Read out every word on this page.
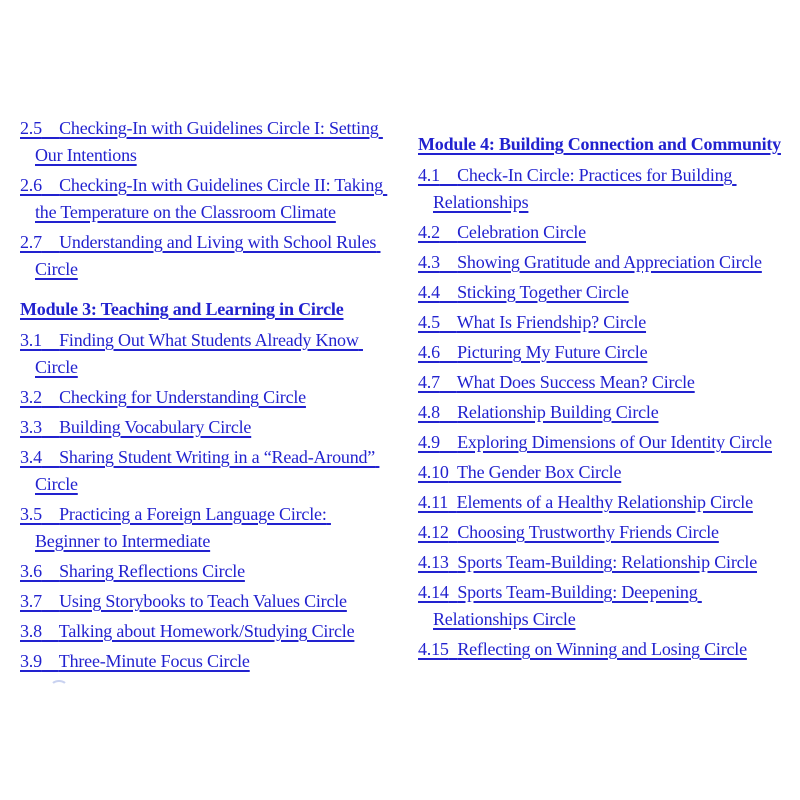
2.5 Checking-In with Guidelines Circle I: Setting Our Intentions
2.6 Checking-In with Guidelines Circle II: Taking the Temperature on the Classroom Climate
2.7 Understanding and Living with School Rules Circle
Module 3: Teaching and Learning in Circle
3.1 Finding Out What Students Already Know Circle
3.2 Checking for Understanding Circle
3.3 Building Vocabulary Circle
3.4 Sharing Student Writing in a “Read-Around” Circle
3.5 Practicing a Foreign Language Circle: Beginner to Intermediate
3.6 Sharing Reflections Circle
3.7 Using Storybooks to Teach Values Circle
3.8 Talking about Homework/Studying Circle
3.9 Three-Minute Focus Circle
Module 4: Building Connection and Community
4.1 Check-In Circle: Practices for Building Relationships
4.2 Celebration Circle
4.3 Showing Gratitude and Appreciation Circle
4.4 Sticking Together Circle
4.5 What Is Friendship? Circle
4.6 Picturing My Future Circle
4.7 What Does Success Mean? Circle
4.8 Relationship Building Circle
4.9 Exploring Dimensions of Our Identity Circle
4.10 The Gender Box Circle
4.11 Elements of a Healthy Relationship Circle
4.12 Choosing Trustworthy Friends Circle
4.13 Sports Team-Building: Relationship Circle
4.14 Sports Team-Building: Deepening Relationships Circle
4.15 Reflecting on Winning and Losing Circle
